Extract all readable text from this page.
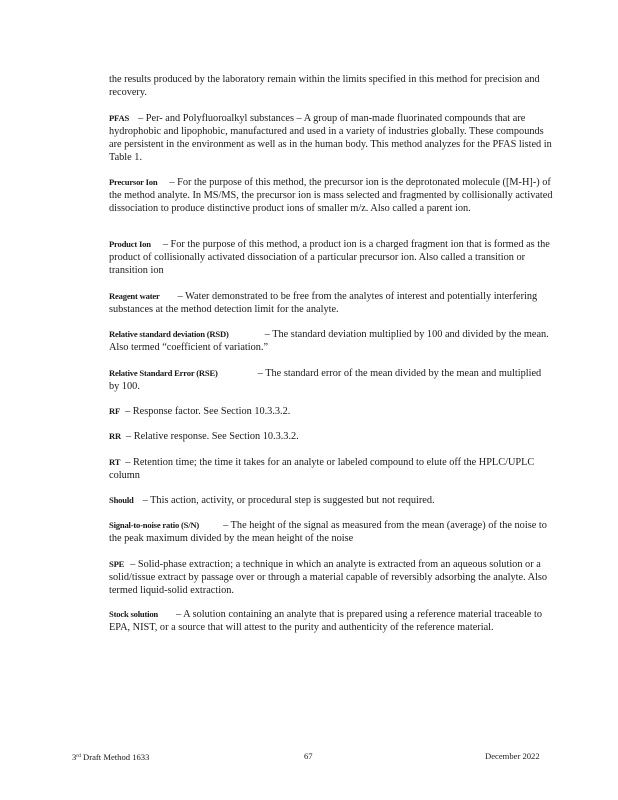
the results produced by the laboratory remain within the limits specified in this method for precision and recovery.

PFAS – Per- and Polyfluoroalkyl substances – A group of man-made fluorinated compounds that are hydrophobic and lipophobic, manufactured and used in a variety of industries globally. These compounds are persistent in the environment as well as in the human body. This method analyzes for the PFAS listed in Table 1.

Precursor Ion – For the purpose of this method, the precursor ion is the deprotonated molecule ([M-H]-) of the method analyte. In MS/MS, the precursor ion is mass selected and fragmented by collisionally activated dissociation to produce distinctive product ions of smaller m/z. Also called a parent ion.

Product Ion – For the purpose of this method, a product ion is a charged fragment ion that is formed as the product of collisionally activated dissociation of a particular precursor ion. Also called a transition or transition ion

Reagent water – Water demonstrated to be free from the analytes of interest and potentially interfering substances at the method detection limit for the analyte.

Relative standard deviation (RSD)	– The standard deviation multiplied by 100 and divided by the mean. Also termed “coefficient of variation.”

Relative Standard Error (RSE)	– The standard error of the mean divided by the mean and multiplied by 100.

RF – Response factor. See Section 10.3.3.2.

RR – Relative response. See Section 10.3.3.2.

RT – Retention time; the time it takes for an analyte or labeled compound to elute off the HPLC/UPLC column

Should – This action, activity, or procedural step is suggested but not required.

Signal-to-noise ratio (S/N) – The height of the signal as measured from the mean (average) of the noise to the peak maximum divided by the mean height of the noise

SPE – Solid-phase extraction; a technique in which an analyte is extracted from an aqueous solution or a solid/tissue extract by passage over or through a material capable of reversibly adsorbing the analyte. Also termed liquid-solid extraction.

Stock solution – A solution containing an analyte that is prepared using a reference material traceable to EPA, NIST, or a source that will attest to the purity and authenticity of the reference material.

3rd Draft Method 1633	67	December 2022
